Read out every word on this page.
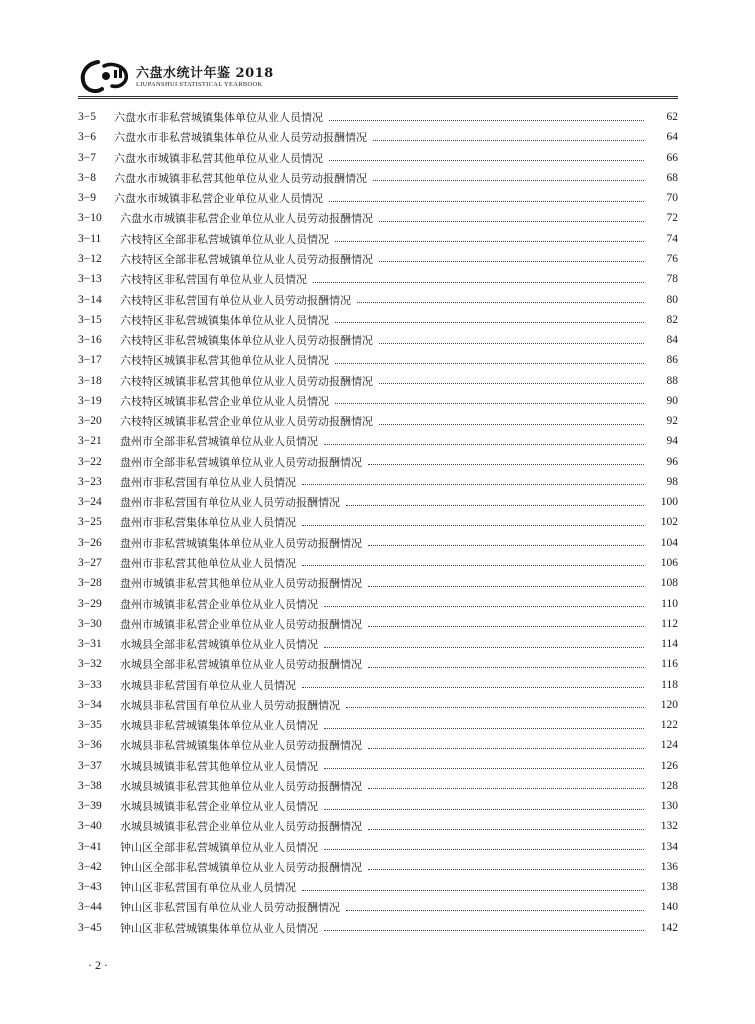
六盘水统计年鉴 2018
LIUPANSHUI STATISTICAL YEARBOOK
3−5	六盘水市非私营城镇集体单位从业人员情况	62
3−6	六盘水市非私营城镇集体单位从业人员劳动报酬情况	64
3−7	六盘水市城镇非私营其他单位从业人员情况	66
3−8	六盘水市城镇非私营其他单位从业人员劳动报酬情况	68
3−9	六盘水市城镇非私营企业单位从业人员情况	70
3−10	六盘水市城镇非私营企业单位从业人员劳动报酬情况	72
3−11	六枝特区全部非私营城镇单位从业人员情况	74
3−12	六枝特区全部非私营城镇单位从业人员劳动报酬情况	76
3−13	六枝特区非私营国有单位从业人员情况	78
3−14	六枝特区非私营国有单位从业人员劳动报酬情况	80
3−15	六枝特区非私营城镇集体单位从业人员情况	82
3−16	六枝特区非私营城镇集体单位从业人员劳动报酬情况	84
3−17	六枝特区城镇非私营其他单位从业人员情况	86
3−18	六枝特区城镇非私营其他单位从业人员劳动报酬情况	88
3−19	六枝特区城镇非私营企业单位从业人员情况	90
3−20	六枝特区城镇非私营企业单位从业人员劳动报酬情况	92
3−21	盘州市全部非私营城镇单位从业人员情况	94
3−22	盘州市全部非私营城镇单位从业人员劳动报酬情况	96
3−23	盘州市非私营国有单位从业人员情况	98
3−24	盘州市非私营国有单位从业人员劳动报酬情况	100
3−25	盘州市非私营集体单位从业人员情况	102
3−26	盘州市非私营城镇集体单位从业人员劳动报酬情况	104
3−27	盘州市非私营其他单位从业人员情况	106
3−28	盘州市城镇非私营其他单位从业人员劳动报酬情况	108
3−29	盘州市城镇非私营企业单位从业人员情况	110
3−30	盘州市城镇非私营企业单位从业人员劳动报酬情况	112
3−31	水城县全部非私营城镇单位从业人员情况	114
3−32	水城县全部非私营城镇单位从业人员劳动报酬情况	116
3−33	水城县非私营国有单位从业人员情况	118
3−34	水城县非私营国有单位从业人员劳动报酬情况	120
3−35	水城县非私营城镇集体单位从业人员情况	122
3−36	水城县非私营城镇集体单位从业人员劳动报酬情况	124
3−37	水城县城镇非私营其他单位从业人员情况	126
3−38	水城县城镇非私营其他单位从业人员劳动报酬情况	128
3−39	水城县城镇非私营企业单位从业人员情况	130
3−40	水城县城镇非私营企业单位从业人员劳动报酬情况	132
3−41	钟山区全部非私营城镇单位从业人员情况	134
3−42	钟山区全部非私营城镇单位从业人员劳动报酬情况	136
3−43	钟山区非私营国有单位从业人员情况	138
3−44	钟山区非私营国有单位从业人员劳动报酬情况	140
3−45	钟山区非私营城镇集体单位从业人员情况	142
· 2 ·
